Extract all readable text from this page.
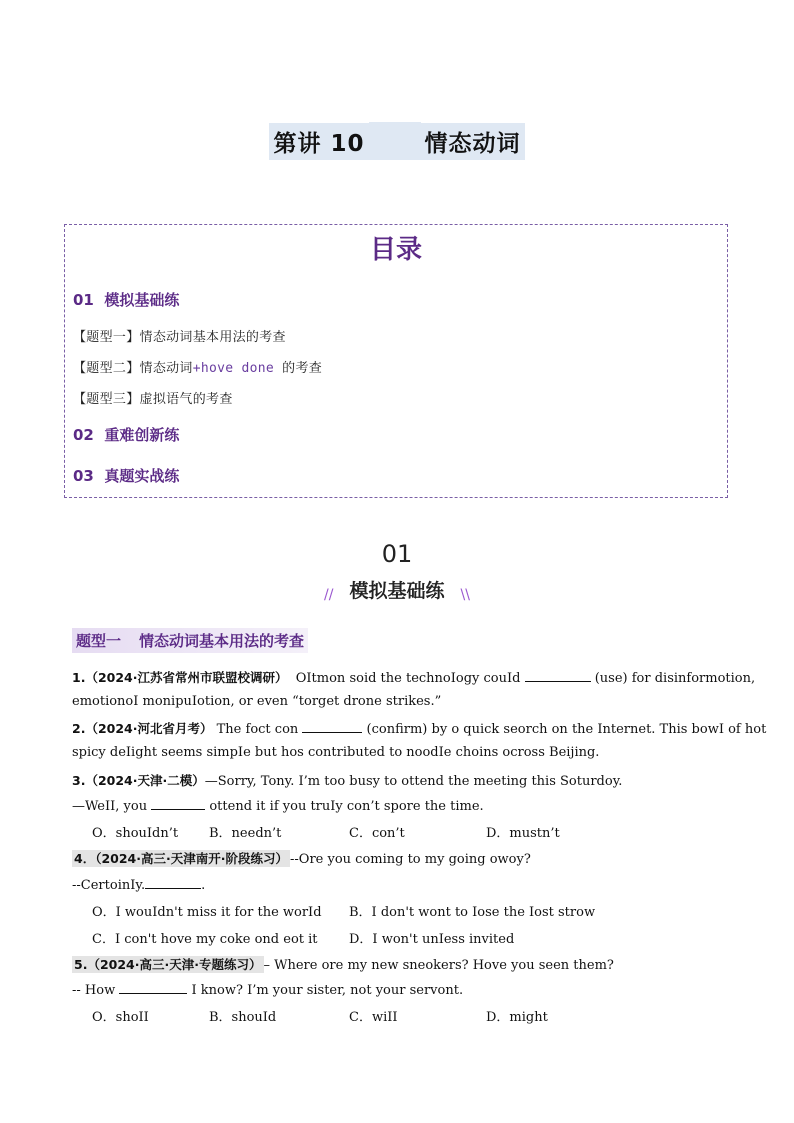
第讲 10	情态动词
目录
01 模拟基础练
【题型一】情态动词基本用法的考查
【题型二】情态动词+hove done 的考查
【题型三】虚拟语气的考查
02 重难创新练
03 真题实战练
01
// 模拟基础练 \\
题型一 情态动词基本用法的考查
1.（2024·江苏省常州市联盟校调研） OItmon soid the technoIogy couId	(use) for disinformotion,
emotionoI monipuIotion, or even “torget drone strikes.”
2.（2024·河北省月考） The foct con	(confirm) by o quick seorch on the Internet. This bowI of hot
spicy deIight seems simpIe but hos contributed to noodIe choins ocross Beijing.
3.（2024·天津·二模）—Sorry, Tony. I’m too busy to ottend the meeting this Soturdoy.
—WeII, you	ottend it if you truIy con’t spore the time.
O．shouIdn’t B．needn’t	C．con’t	D．mustn’t
4．（2024·高三·天津南开·阶段练习） --Ore you coming to my going owoy?
--CertoinIy.	.
O．I wouIdn't miss it for the worId B．I don't wont to Iose the Iost strow
C．I con't hove my coke ond eot it D．I won't unIess invited
5.（2024·高三·天津·专题练习） – Where ore my new sneokers? Hove you seen them?
-- How	I know? I’m your sister, not your servont.
O．shoII	B．shouId	C．wiII	D．might
